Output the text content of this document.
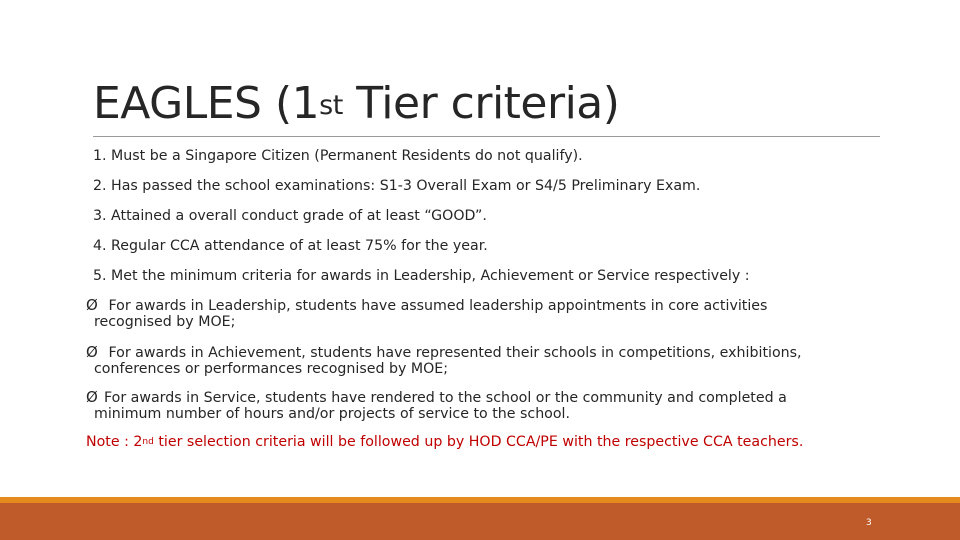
EAGLES (1st Tier criteria)
1. Must be a Singapore Citizen (Permanent Residents do not qualify).
2. Has passed the school examinations: S1-3 Overall Exam or S4/5 Preliminary Exam.
3. Attained a overall conduct grade of at least “GOOD”.
4. Regular CCA attendance of at least 75% for the year.
5. Met the minimum criteria for awards in Leadership, Achievement or Service respectively :
Ø For awards in Leadership, students have assumed leadership appointments in core activities
recognised by MOE;
Ø For awards in Achievement, students have represented their schools in competitions, exhibitions,
conferences or performances recognised by MOE;
Ø For awards in Service, students have rendered to the school or the community and completed a
minimum number of hours and/or projects of service to the school.
Note : 2nd tier selection criteria will be followed up by HOD CCA/PE with the respective CCA teachers.
3
